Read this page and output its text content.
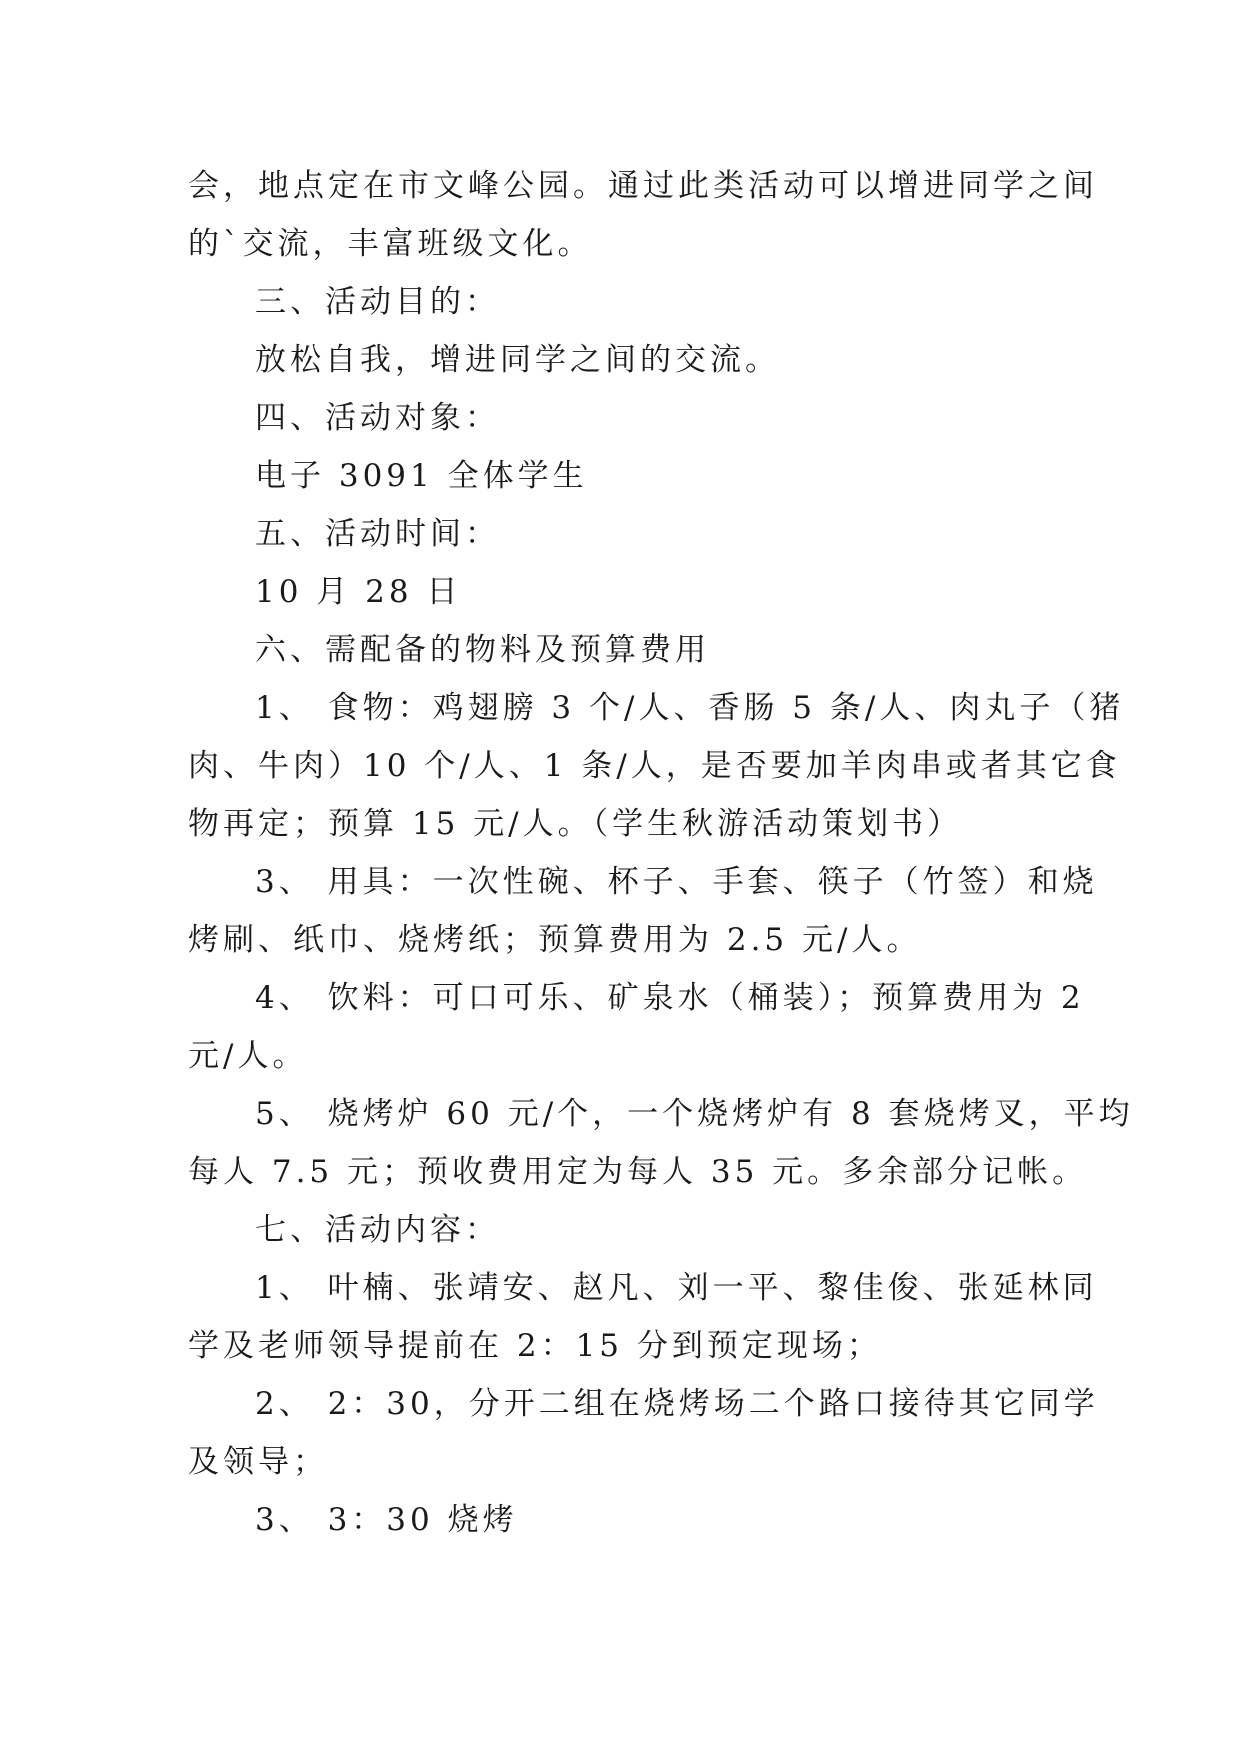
会，地点定在市文峰公园。通过此类活动可以增进同学之间
的`交流，丰富班级文化。
三、活动目的：
放松自我，增进同学之间的交流。
四、活动对象：
电子 3091 全体学生
五、活动时间：
10 月 28 日
六、需配备的物料及预算费用
1、 食物：鸡翅膀 3 个/人、香肠 5 条/人、肉丸子（猪
肉、牛肉）10 个/人、1 条/人，是否要加羊肉串或者其它食
物再定；预算 15 元/人。（学生秋游活动策划书）
3、 用具：一次性碗、杯子、手套、筷子（竹签）和烧
烤刷、纸巾、烧烤纸；预算费用为 2.5 元/人。
4、 饮料：可口可乐、矿泉水（桶装）；预算费用为 2
元/人。
5、 烧烤炉 60 元/个，一个烧烤炉有 8 套烧烤叉，平均
每人 7.5 元；预收费用定为每人 35 元。多余部分记帐。
七、活动内容：
1、 叶楠、张靖安、赵凡、刘一平、黎佳俊、张延林同
学及老师领导提前在 2：15 分到预定现场；
2、 2：30，分开二组在烧烤场二个路口接待其它同学
及领导；
3、 3：30 烧烤
